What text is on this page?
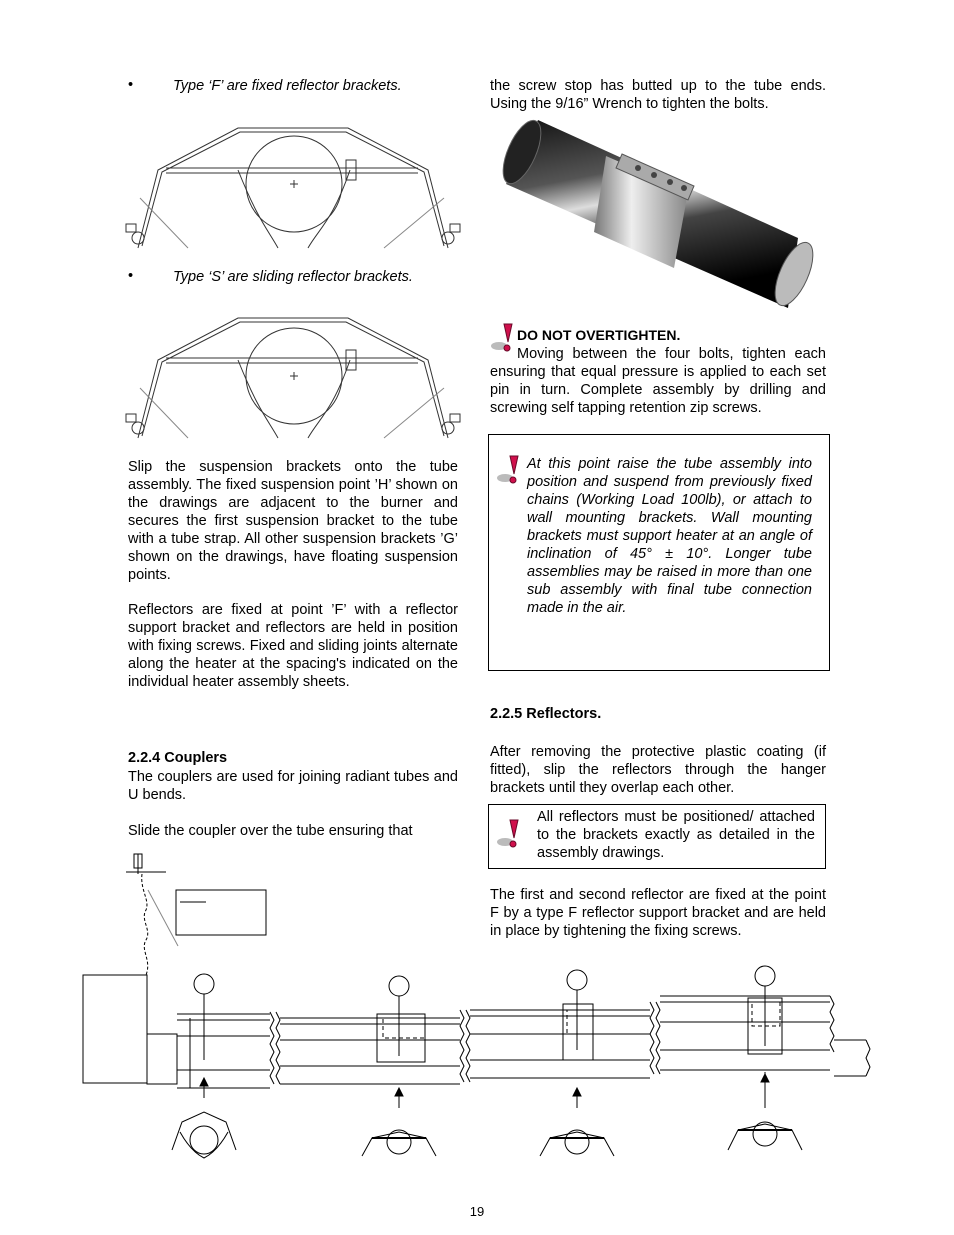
•	Type ‘F’ are fixed reflector brackets.
•	Type ‘S’ are sliding reflector brackets.
Slip the suspension brackets onto the tube assembly. The fixed suspension point ’H’ shown on the drawings are adjacent to the burner and secures the first suspension bracket to the tube with a tube strap. All other suspension brackets ’G’ shown on the drawings, have floating suspension points.
Reflectors are fixed at point ’F’ with a reflector support bracket and reflectors are held in position with fixing screws. Fixed and sliding joints alternate along the heater at the spacing's indicated on the individual heater assembly sheets.
2.2.4 Couplers
The couplers are used for joining radiant tubes and U bends.
Slide the coupler over the tube ensuring that
the screw stop has butted up to the tube ends. Using the 9/16” Wrench to tighten the bolts.
DO NOT OVERTIGHTEN.
Moving between the four bolts, tighten each ensuring that equal pressure is applied to each set pin in turn. Complete assembly by drilling and screwing self tapping retention zip screws.
At this point raise the tube assembly into position and suspend from previously fixed chains (Working Load 100lb), or attach to wall mounting brackets. Wall mounting brackets must support heater at an angle of inclination of 45° ± 10°. Longer tube assemblies may be raised in more than one sub assembly with final tube connection made in the air.
2.2.5 Reflectors.
After removing the protective plastic coating (if fitted), slip the reflectors through the hanger brackets until they overlap each other.
All reflectors must be positioned/ attached to the brackets exactly as detailed in the assembly drawings.
The first and second reflector are fixed at the point F by a type F reflector support bracket and are held in place by tightening the fixing screws.
19
